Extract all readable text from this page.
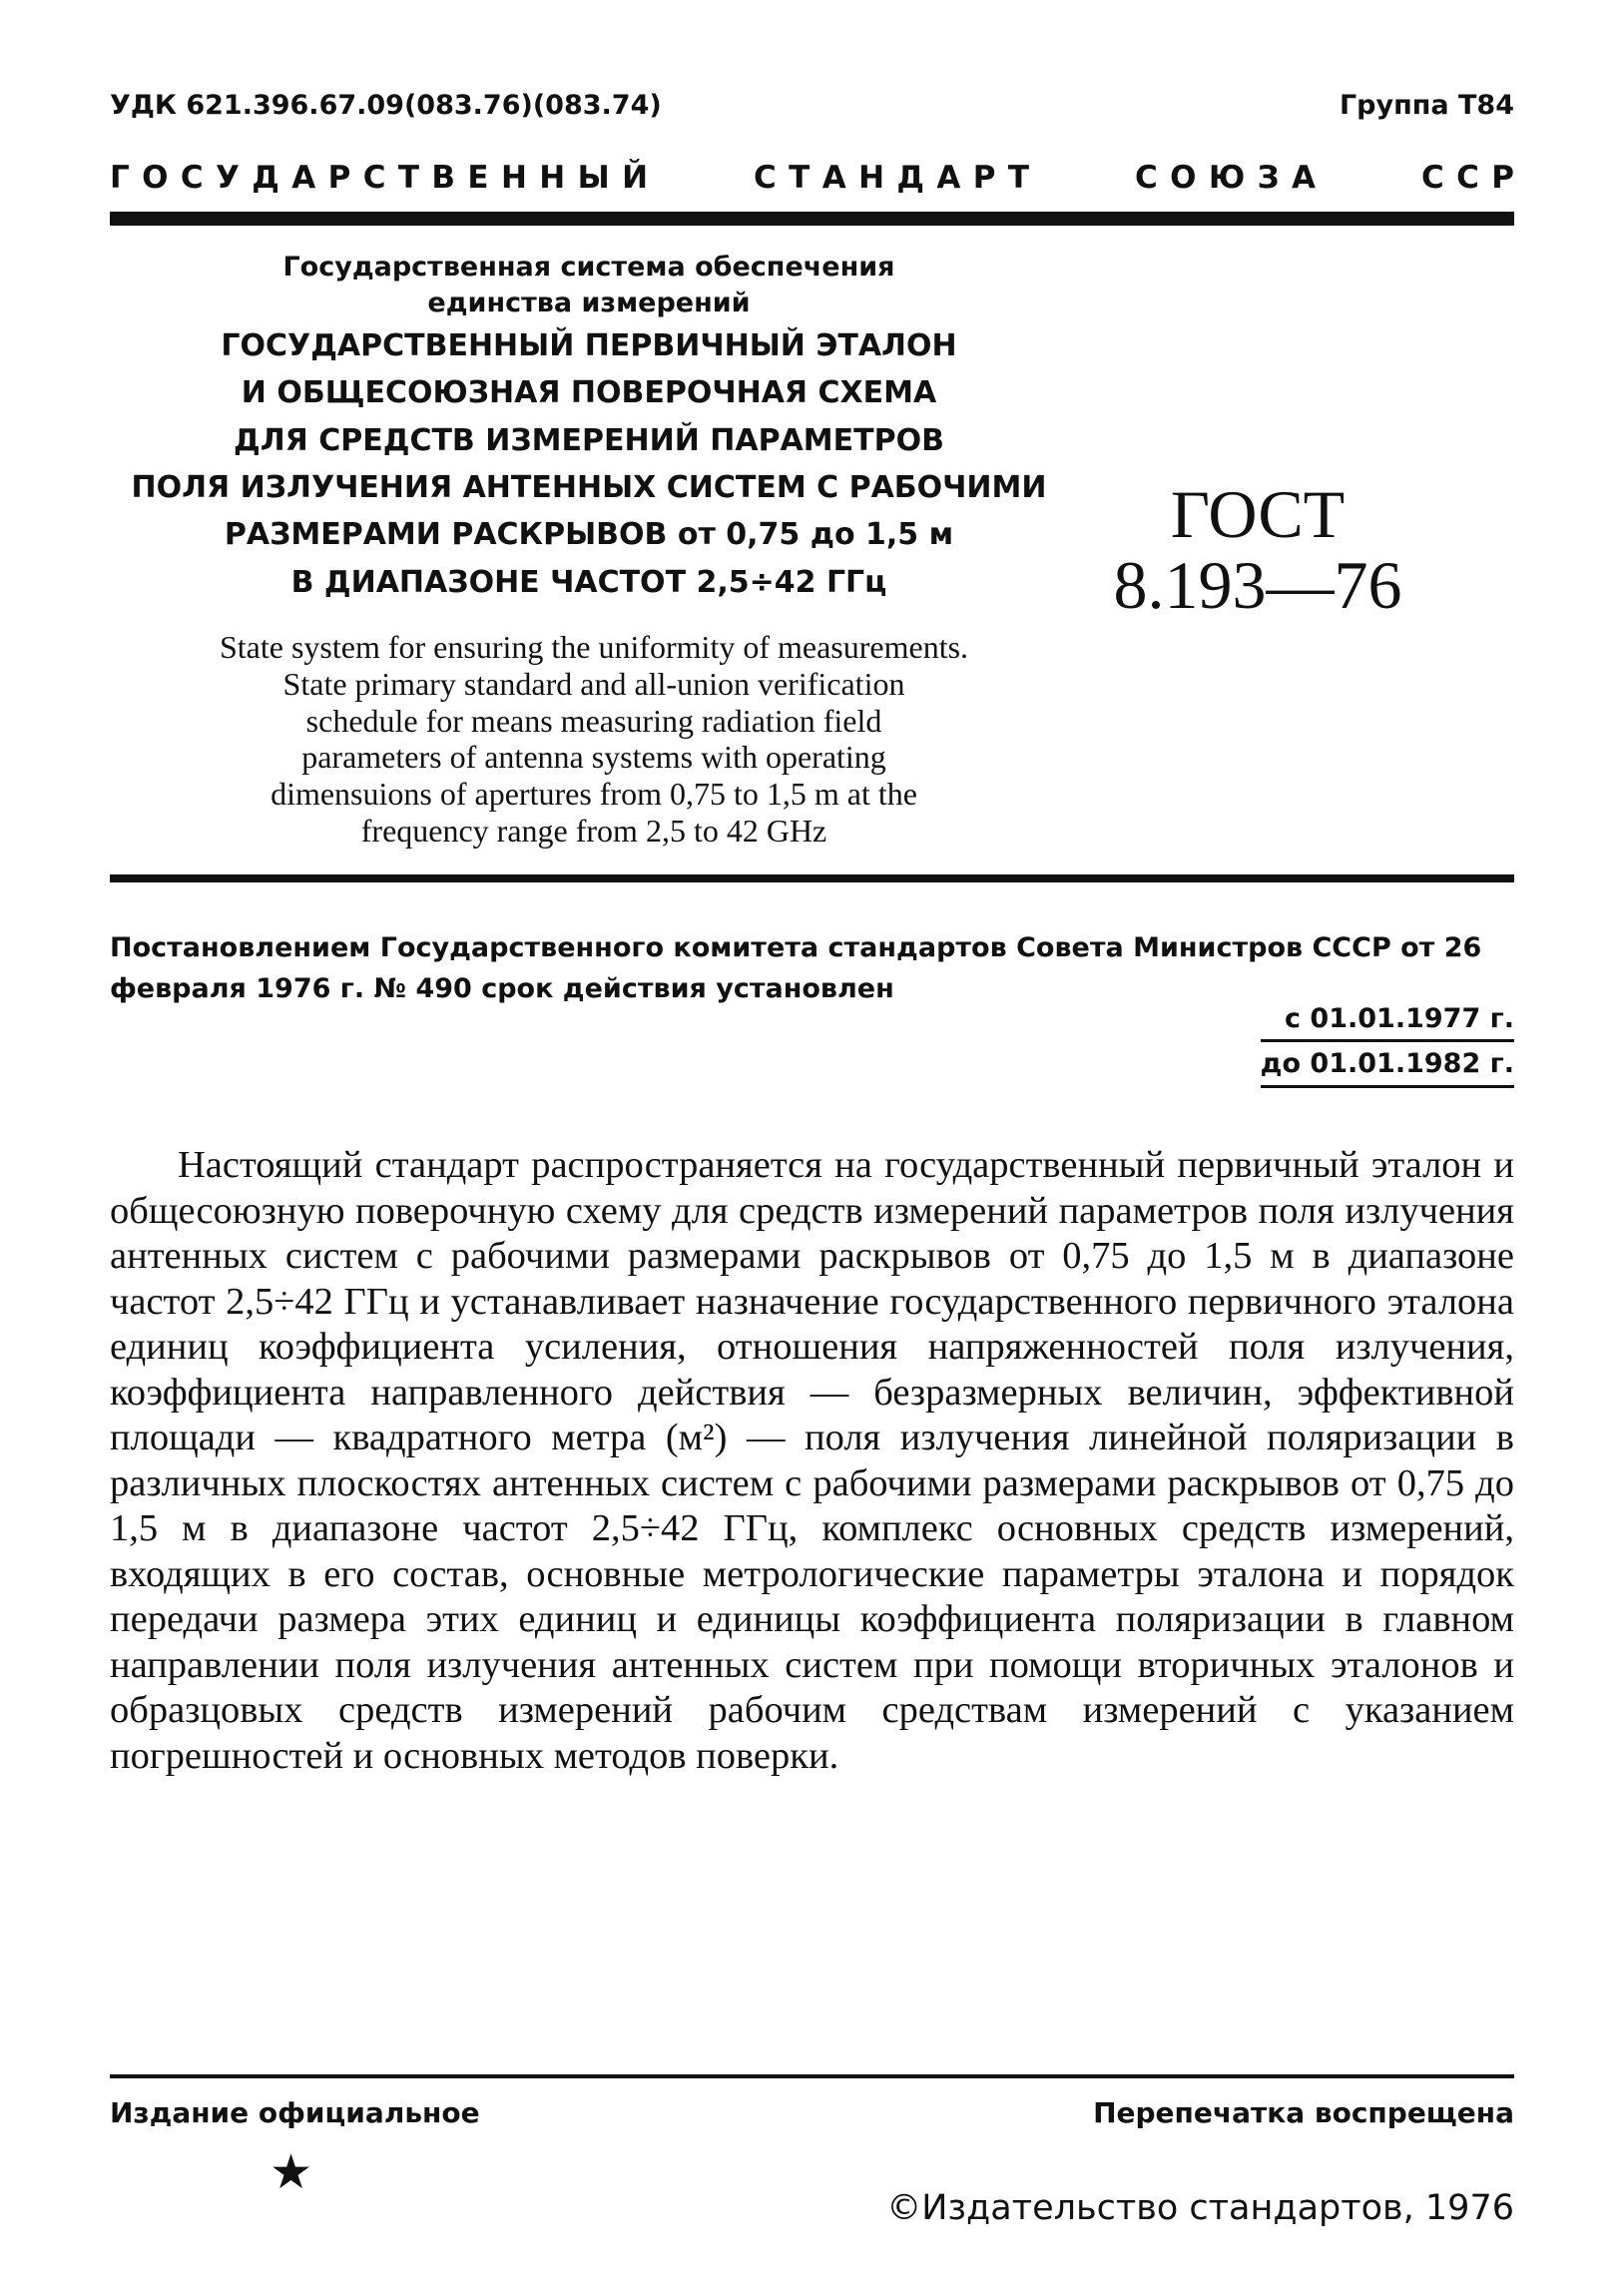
УДК 621.396.67.09(083.76)(083.74)	Группа Т84
Г  О  С  У  Д  А  Р  С  Т  В  Е  Н  Н  Ы  Й	С  Т  А  Н  Д  А  Р  Т	С  О  Ю  З  А	С  С  Р
Государственная система обеспечения
единства измерений
ГОСУДАРСТВЕННЫЙ ПЕРВИЧНЫЙ ЭТАЛОН
И ОБЩЕСОЮЗНАЯ ПОВЕРОЧНАЯ СХЕМА
ДЛЯ СРЕДСТВ ИЗМЕРЕНИЙ ПАРАМЕТРОВ
ПОЛЯ ИЗЛУЧЕНИЯ АНТЕННЫХ СИСТЕМ С РАБОЧИМИ
РАЗМЕРАМИ РАСКРЫВОВ от 0,75 до 1,5 м
В ДИАПАЗОНЕ ЧАСТОТ 2,5÷42 ГГц
ГОСТ
8.193—76
State system for ensuring the uniformity of measurements.
State primary standard and all-union verification
schedule for means measuring radiation field
parameters of antenna systems with operating
dimensuions of apertures from 0,75 to 1,5 m at the
frequency range from 2,5 to 42 GHz
Постановлением Государственного комитета стандартов Совета Министров СССР от 26 февраля 1976 г. № 490 срок действия установлен
с 01.01.1977 г.
до 01.01.1982 г.
Настоящий стандарт распространяется на государственный первичный эталон и общесоюзную поверочную схему для средств измерений параметров поля излучения антенных систем с рабочими размерами раскрывов от 0,75 до 1,5 м в диапазоне частот 2,5÷42 ГГц и устанавливает назначение государственного первичного эталона единиц коэффициента усиления, отношения напряженностей поля излучения, коэффициента направленного действия — безразмерных величин, эффективной площади — квадратного метра (м²) — поля излучения линейной поляризации в различных плоскостях антенных систем с рабочими размерами раскрывов от 0,75 до 1,5 м в диапазоне частот 2,5÷42 ГГц, комплекс основных средств измерений, входящих в его состав, основные метрологические параметры эталона и порядок передачи размера этих единиц и единицы коэффициента поляризации в главном направлении поля излучения антенных систем при помощи вторичных эталонов и образцовых средств измерений рабочим средствам измерений с указанием погрешностей и основных методов поверки.
Издание официальное	Перепечатка воспрещена
★
©Издательство стандартов, 1976
